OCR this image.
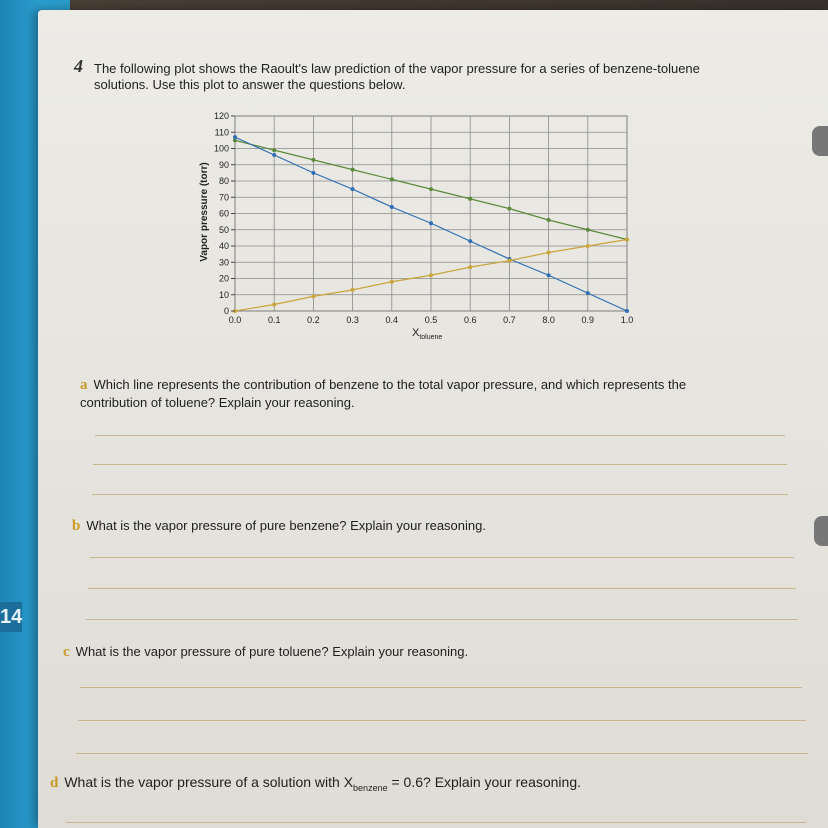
14
4 The following plot shows the Raoult's law prediction of the vapor pressure for a series of benzene-toluene solutions. Use this plot to answer the questions below.
0.0	0.1	0.2	0.3	0.4	0.5	0.6	0.7	8.0	0.9	1.0
0
10
20
30
40
50
60
70
80
90
100
110
120
Vapor pressure (torr)
$X_{toluene}$
a Which line represents the contribution of benzene to the total vapor pressure, and which represents the contribution of toluene? Explain your reasoning.
b What is the vapor pressure of pure benzene? Explain your reasoning.
c What is the vapor pressure of pure toluene? Explain your reasoning.
d What is the vapor pressure of a solution with $X_{benzene} = 0.6$? Explain your reasoning.
